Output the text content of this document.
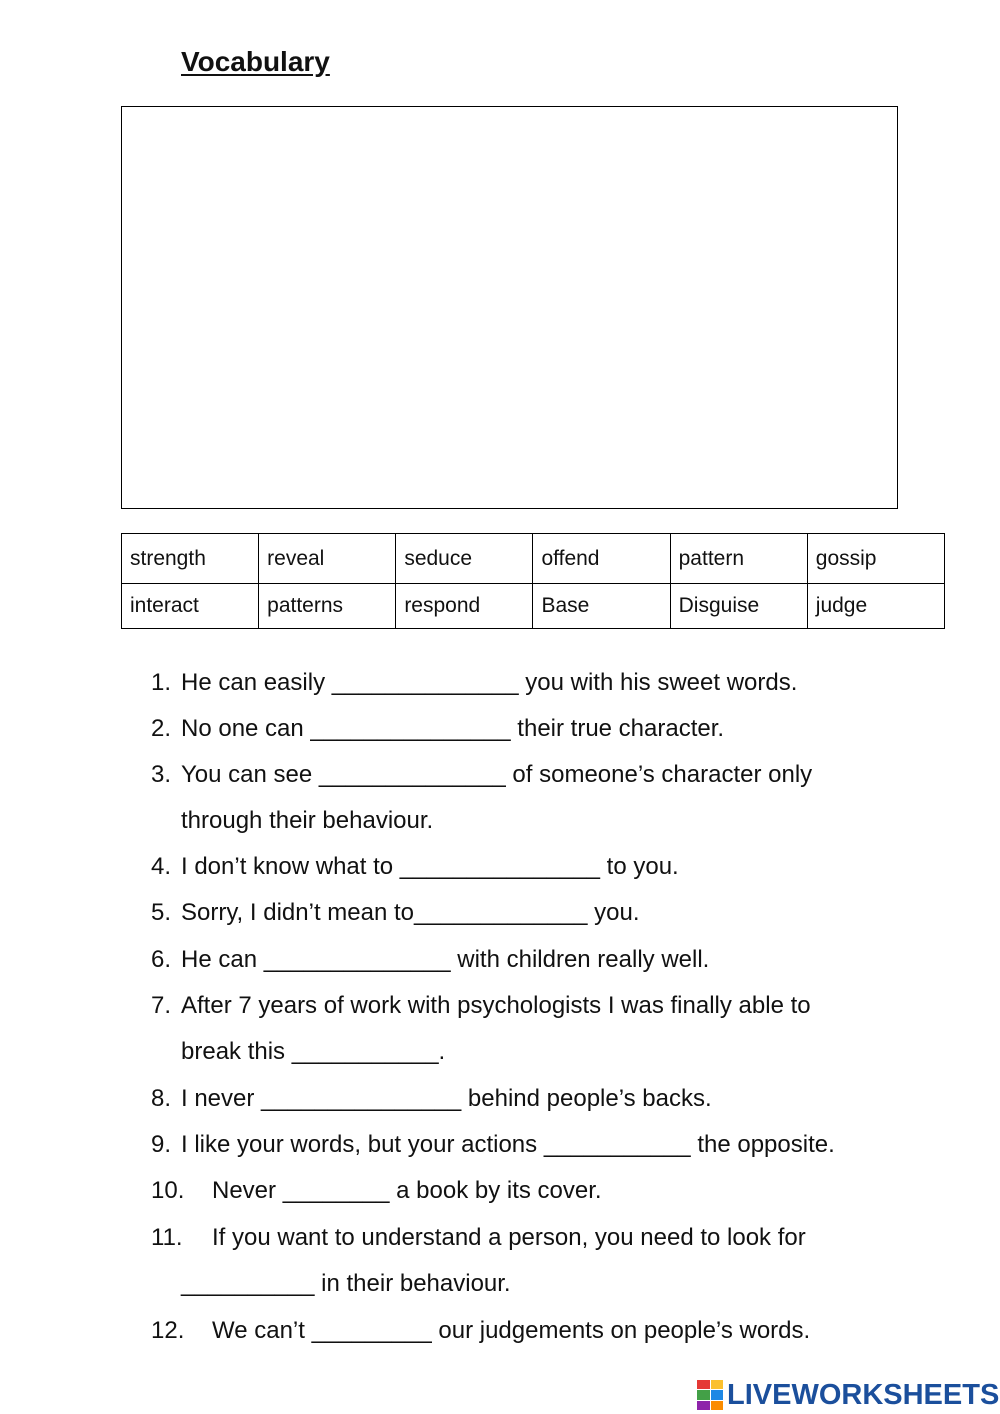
Vocabulary
strength	reveal	seduce	offend	pattern	gossip
interact	patterns	respond	Base	Disguise	judge
1. He can easily ______________ you with his sweet words.
2. No one can _______________ their true character.
3. You can see ______________ of someone’s character only
through their behaviour.
4. I don’t know what to _______________ to you.
5. Sorry, I didn’t mean to_____________ you.
6. He can ______________ with children really well.
7. After 7 years of work with psychologists I was finally able to
break this ___________.
8. I never _______________ behind people’s backs.
9. I like your words, but your actions ___________ the opposite.
10. Never ________ a book by its cover.
11. If you want to understand a person, you need to look for
__________ in their behaviour.
12. We can’t _________ our judgements on people’s words.
LIVEWORKSHEETS
